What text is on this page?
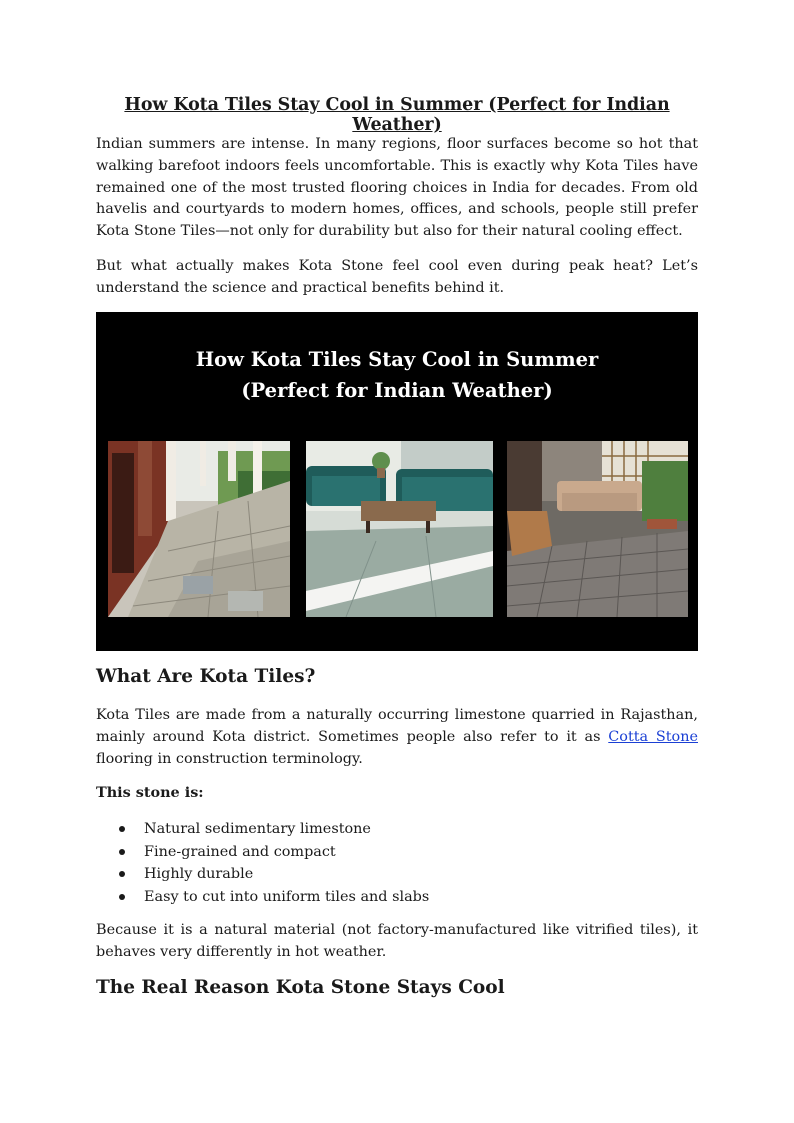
How Kota Tiles Stay Cool in Summer (Perfect for Indian Weather)

Indian summers are intense. In many regions, floor surfaces become so hot that walking barefoot indoors feels uncomfortable. This is exactly why Kota Tiles have remained one of the most trusted flooring choices in India for decades. From old havelis and courtyards to modern homes, offices, and schools, people still prefer Kota Stone Tiles—not only for durability but also for their natural cooling effect.

But what actually makes Kota Stone feel cool even during peak heat? Let’s understand the science and practical benefits behind it.

How Kota Tiles Stay Cool in Summer
(Perfect for Indian Weather)
What Are Kota Tiles?

Kota Tiles are made from a naturally occurring limestone quarried in Rajasthan, mainly around Kota district. Sometimes people also refer to it as Cotta Stone flooring in construction terminology.

This stone is:

Natural sedimentary limestone
Fine-grained and compact
Highly durable
Easy to cut into uniform tiles and slabs

Because it is a natural material (not factory-manufactured like vitrified tiles), it behaves very differently in hot weather.

The Real Reason Kota Stone Stays Cool
